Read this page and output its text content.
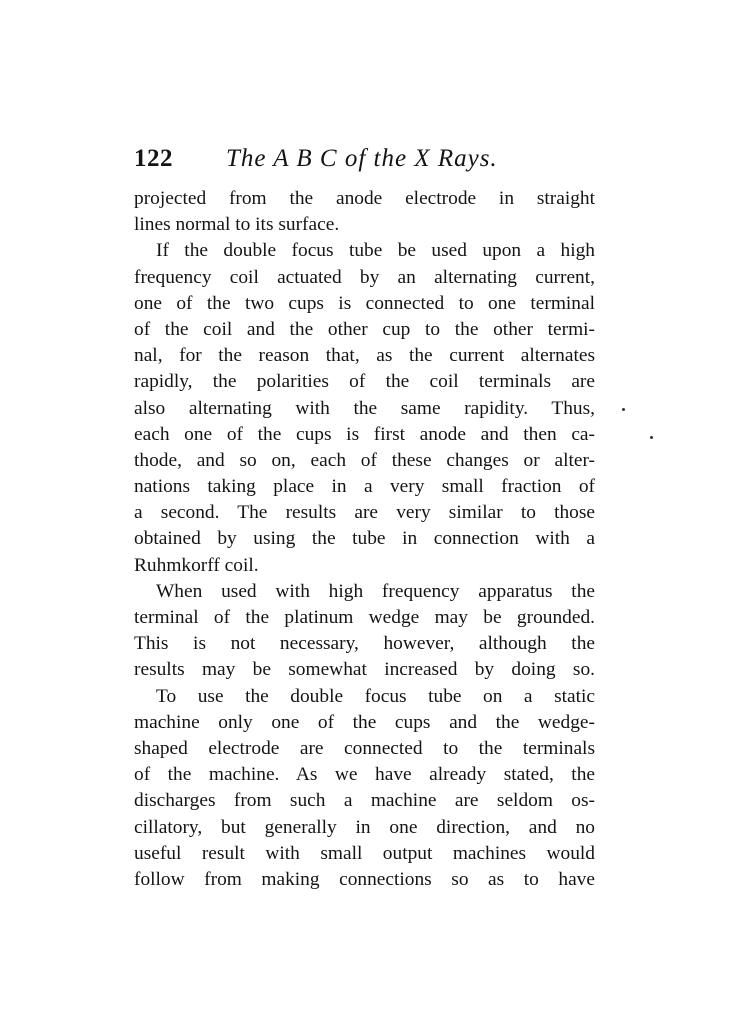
122 The A B C of the X Rays.
projected from the anode electrode in straight
lines normal to its surface.
If the double focus tube be used upon a high
frequency coil actuated by an alternating current,
one of the two cups is connected to one terminal
of the coil and the other cup to the other termi-
nal, for the reason that, as the current alternates
rapidly, the polarities of the coil terminals are
also alternating with the same rapidity. Thus,
each one of the cups is first anode and then ca-
thode, and so on, each of these changes or alter-
nations taking place in a very small fraction of
a second. The results are very similar to those
obtained by using the tube in connection with a
Ruhmkorff coil.
When used with high frequency apparatus the
terminal of the platinum wedge may be grounded.
This is not necessary, however, although the
results may be somewhat increased by doing so.
To use the double focus tube on a static
machine only one of the cups and the wedge-
shaped electrode are connected to the terminals
of the machine. As we have already stated, the
discharges from such a machine are seldom os-
cillatory, but generally in one direction, and no
useful result with small output machines would
follow from making connections so as to have
